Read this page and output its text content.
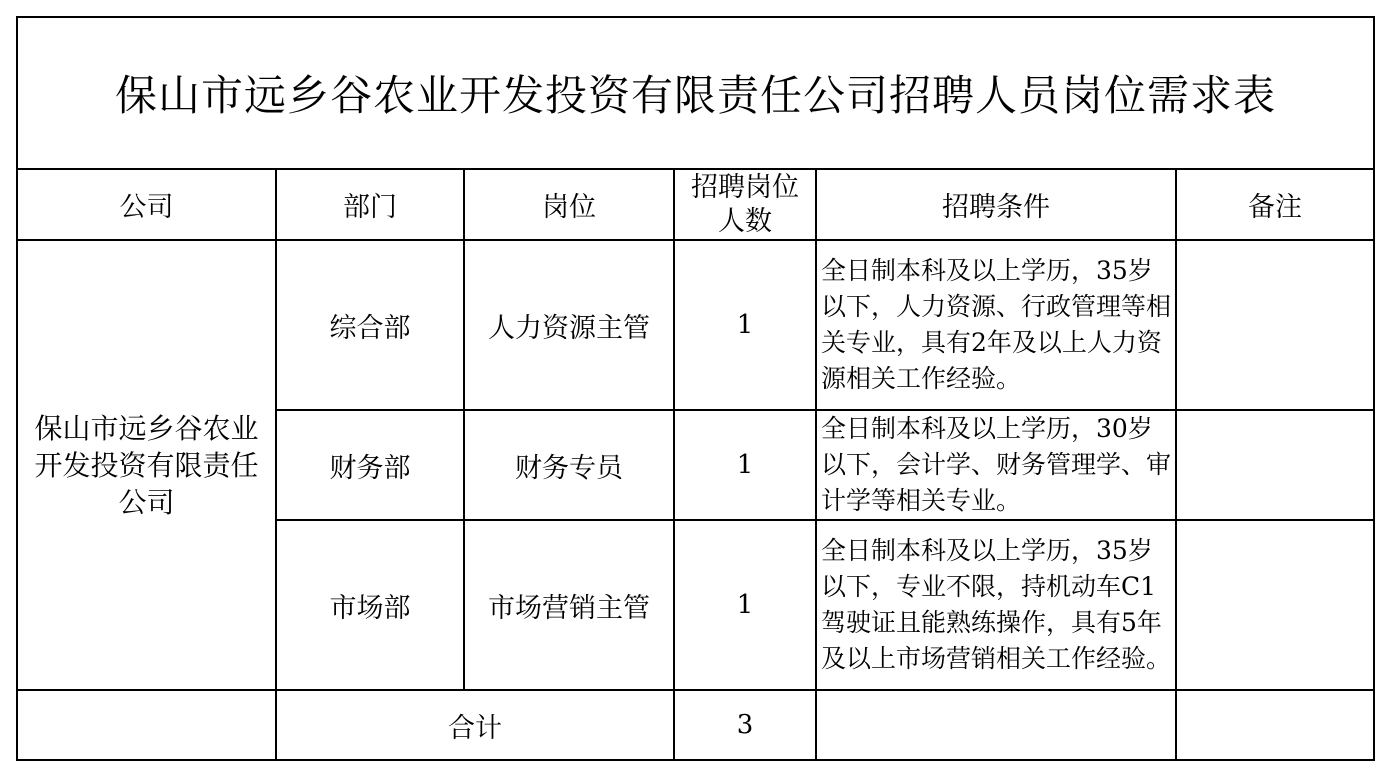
保山市远乡谷农业开发投资有限责任公司招聘人员岗位需求表					
公司	部门	岗位	招聘岗位人数	招聘条件	备注
保山市远乡谷农业开发投资有限责任公司	综合部	人力资源主管	1	全日制本科及以上学历，35岁以下，人力资源、行政管理等相关专业，具有2年及以上人力资源相关工作经验。	
	财务部	财务专员	1	全日制本科及以上学历，30岁以下，会计学、财务管理学、审计学等相关专业。	
	市场部	市场营销主管	1	全日制本科及以上学历，35岁以下，专业不限，持机动车C1驾驶证且能熟练操作，具有5年及以上市场营销相关工作经验。	
	合计		3		
